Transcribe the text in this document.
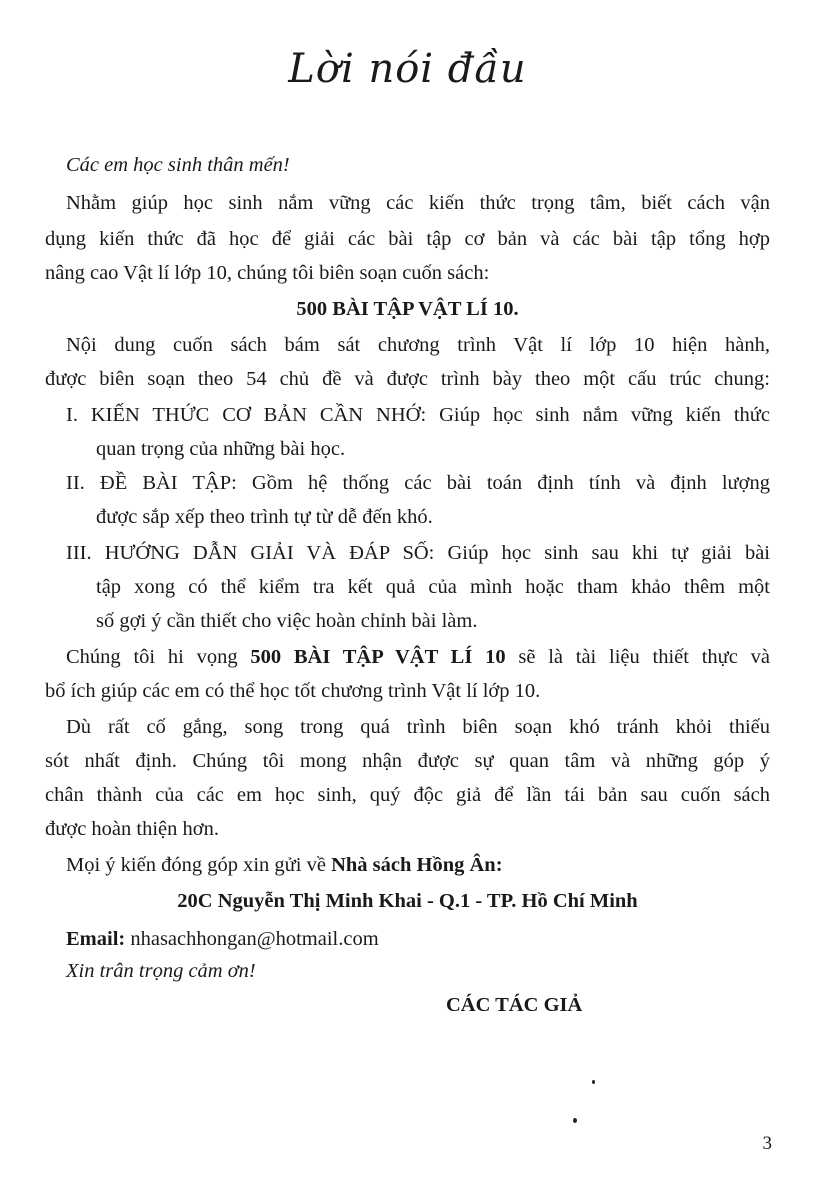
Lời nói đầu
Các em học sinh thân mến!
Nhằm giúp học sinh nắm vững các kiến thức trọng tâm, biết cách vận
dụng kiến thức đã học để giải các bài tập cơ bản và các bài tập tổng hợp
nâng cao Vật lí lớp 10, chúng tôi biên soạn cuốn sách:
500 BÀI TẬP VẬT LÍ 10.
Nội dung cuốn sách bám sát chương trình Vật lí lớp 10 hiện hành,
được biên soạn theo 54 chủ đề và được trình bày theo một cấu trúc chung:
I. KIẾN THỨC CƠ BẢN CẦN NHỚ: Giúp học sinh nắm vững kiến thức
quan trọng của những bài học.
II. ĐỀ BÀI TẬP: Gồm hệ thống các bài toán định tính và định lượng
được sắp xếp theo trình tự từ dễ đến khó.
III. HƯỚNG DẪN GIẢI VÀ ĐÁP SỐ: Giúp học sinh sau khi tự giải bài
tập xong có thể kiểm tra kết quả của mình hoặc tham khảo thêm một
số gợi ý cần thiết cho việc hoàn chỉnh bài làm.
Chúng tôi hi vọng 500 BÀI TẬP VẬT LÍ 10 sẽ là tài liệu thiết thực và
bổ ích giúp các em có thể học tốt chương trình Vật lí lớp 10.
Dù rất cố gắng, song trong quá trình biên soạn khó tránh khỏi thiếu
sót nhất định. Chúng tôi mong nhận được sự quan tâm và những góp ý
chân thành của các em học sinh, quý độc giả để lần tái bản sau cuốn sách
được hoàn thiện hơn.
Mọi ý kiến đóng góp xin gửi về Nhà sách Hồng Ân:
20C Nguyễn Thị Minh Khai - Q.1 - TP. Hồ Chí Minh
Email: nhasachhongan@hotmail.com
Xin trân trọng cảm ơn!
CÁC TÁC GIẢ
3
